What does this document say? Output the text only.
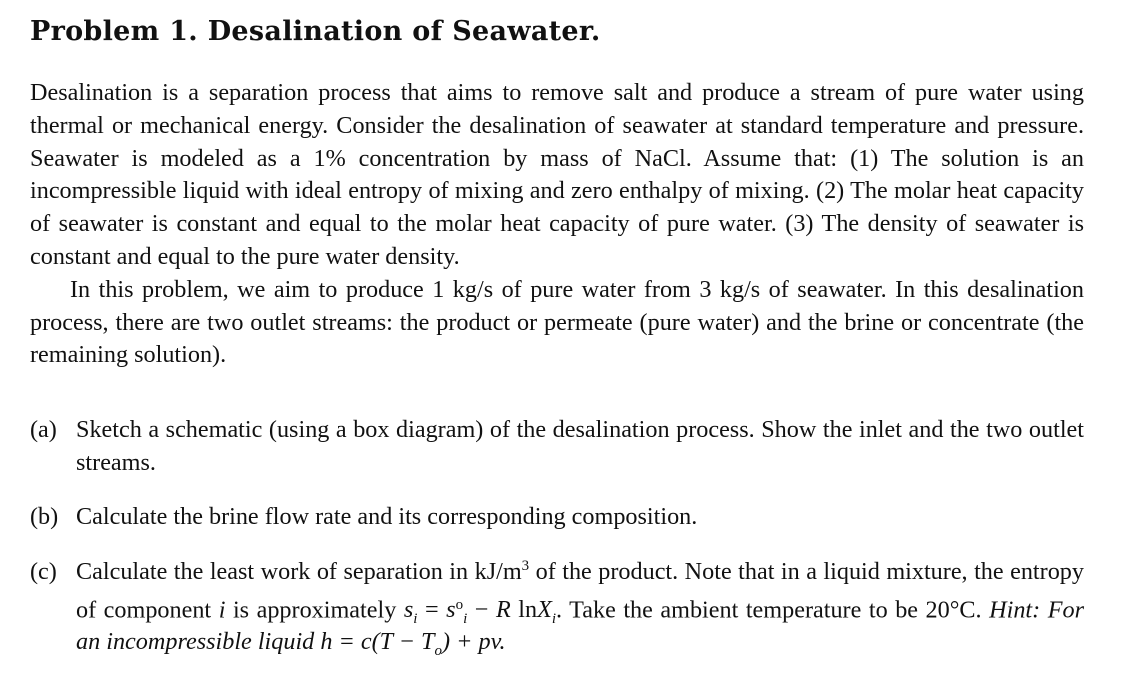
Problem 1. Desalination of Seawater.

Desalination is a separation process that aims to remove salt and produce a stream of pure water using thermal or mechanical energy. Consider the desalination of seawater at standard temperature and pressure. Seawater is modeled as a 1% concentration by mass of NaCl. Assume that: (1) The solution is an incompressible liquid with ideal entropy of mixing and zero enthalpy of mixing. (2) The molar heat capacity of seawater is constant and equal to the molar heat capacity of pure water. (3) The density of seawater is constant and equal to the pure water density.

In this problem, we aim to produce 1 kg/s of pure water from 3 kg/s of seawater. In this desalination process, there are two outlet streams: the product or permeate (pure water) and the brine or concentrate (the remaining solution).

(a) Sketch a schematic (using a box diagram) of the desalination process. Show the inlet and the two outlet streams.
(b) Calculate the brine flow rate and its corresponding composition.
(c) Calculate the least work of separation in $kJ/m^3$ of the product. Note that in a liquid mixture, the entropy of component i is approximately $s_i = s^o_i - R$ lnX$_i$. Take the ambient temperature to be 20°C. Hint: For an incompressible liquid $h = c(T - T_o)$ + pv.
